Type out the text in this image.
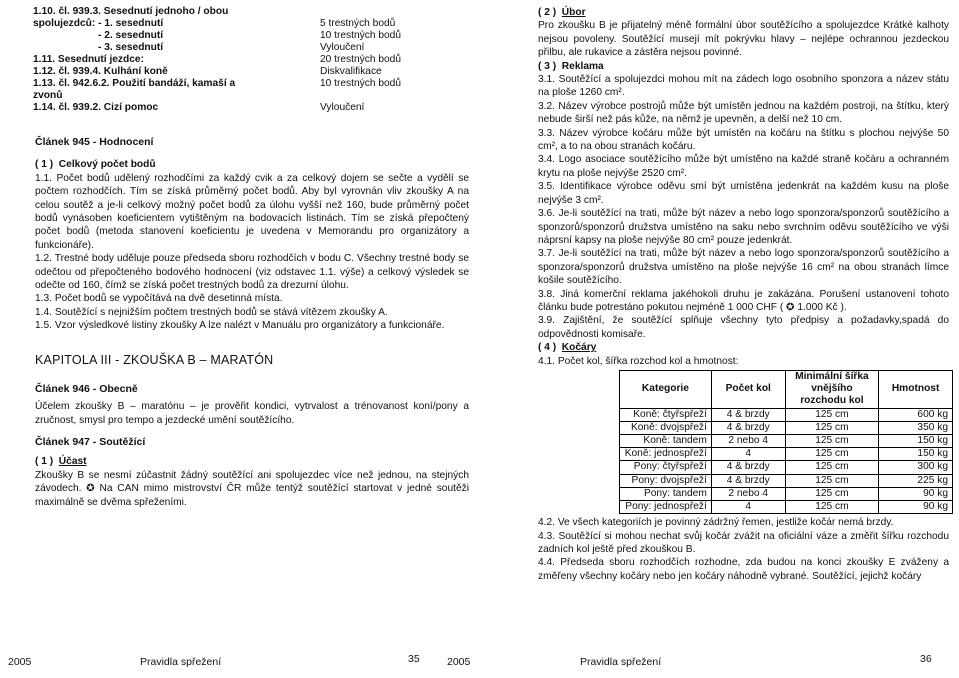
1.10. čl. 939.3. Sesednutí jednoho / obou	
spolujezdců: - 1. sesednutí	5 trestných bodů
- 2. sesednutí	10 trestných bodů
- 3. sesednutí	Vyloučení
1.11. Sesednutí jezdce:	20 trestných bodů
1.12. čl. 939.4. Kulhání koně	Diskvalifikace
1.13. čl. 942.6.2. Použití bandáží, kamaší a	10 trestných bodů
zvonů	
1.14. čl. 939.2. Cizí pomoc	Vyloučení
Článek 945 - Hodnocení
( 1 ) Celkový počet bodů
1.1. Počet bodů udělený rozhodčími za každý cvik a za celkový dojem se sečte a vydělí se počtem rozhodčích. Tím se získá průměrný počet bodů. Aby byl vyrovnán vliv zkoušky A na celou soutěž a je-li celkový možný počet bodů za úlohu vyšší než 160, bude průměrný počet bodů vynásoben koeficientem vytištěným na bodovacích listinách. Tím se získá přepočtený počet bodů (metoda stanovení koeficientu je uvedena v Memorandu pro organizátory a funkcionáře).
1.2. Trestné body uděluje pouze předseda sboru rozhodčích v bodu C. Všechny trestné body se odečtou od přepočteného bodového hodnocení (viz odstavec 1.1. výše) a celkový výsledek se odečte od 160, čímž se získá počet trestných bodů za drezurní úlohu.
1.3. Počet bodů se vypočítává na dvě desetinná místa.
1.4. Soutěžící s nejnižším počtem trestných bodů se stává vítězem zkoušky A.
1.5. Vzor výsledkové listiny zkoušky A lze nalézt v Manuálu pro organizátory a funkcionáře.
KAPITOLA III - ZKOUŠKA B – MARATÓN
Článek 946 - Obecně
Účelem zkoušky B – maratónu – je prověřit kondici, vytrvalost a trénovanost koní/pony a zručnost, smysl pro tempo a jezdecké umění soutěžícího.
Článek 947 - Soutěžící
( 1 ) Účast
Zkoušky B se nesmí zúčastnit žádný soutěžící ani spolujezdec více než jednou, na stejných závodech. ✪ Na CAN mimo mistrovství ČR může tentýž soutěžící startovat v jedné soutěži maximálně se dvěma spřeženími.
2005	Pravidla spřežení	35
( 2 ) Úbor
Pro zkoušku B je přijatelný méně formální úbor soutěžícího a spolujezdce Krátké kalhoty nejsou povoleny. Soutěžící musejí mít pokrývku hlavy – nejlépe ochrannou jezdeckou přilbu, ale rukavice a zástěra nejsou povinné.
( 3 ) Reklama
3.1. Soutěžící a spolujezdci mohou mít na zádech logo osobního sponzora a název státu na ploše 1260 cm².
3.2. Název výrobce postrojů může být umístěn jednou na každém postroji, na štítku, který nebude širší než pás kůže, na němž je upevněn, a delší než 10 cm.
3.3. Název výrobce kočáru může být umístěn na kočáru na štítku s plochou nejvýše 50 cm², a to na obou stranách kočáru.
3.4. Logo asociace soutěžícího může být umístěno na každé straně kočáru a ochranném krytu na ploše nejvýše 2520 cm².
3.5. Identifikace výrobce oděvu smí být umístěna jedenkrát na každém kusu na ploše nejvýše 3 cm².
3.6. Je-li soutěžící na trati, může být název a nebo logo sponzora/sponzorů soutěžícího a sponzorů/sponzorů družstva umístěno na saku nebo svrchním oděvu soutěžícího ve výši náprsní kapsy na ploše nejvýše 80 cm² pouze jedenkrát.
3.7. Je-li soutěžící na trati, může být název a nebo logo sponzora/sponzorů soutěžícího a sponzora/sponzorů družstva umístěno na ploše nejvýše 16 cm² na obou stranách límce košile soutěžícího.
3.8. Jiná komerční reklama jakéhokoli druhu je zakázána. Porušení ustanovení tohoto článku bude potrestáno pokutou nejméně 1 000 CHF ( ✪ 1.000 Kč ).
3.9. Zajištění, že soutěžící splňuje všechny tyto předpisy a požadavky,spadá do odpovědnosti komisaře.
( 4 ) Kočáry
4.1. Počet kol, šířka rozchod kol a hmotnost:
Kategorie	Počet kol	Minimální šířka vnějšího rozchodu kol	Hmotnost
Koně: čtyřspřeží	4 & brzdy	125 cm	600 kg
Koně: dvojspřeží	4 & brzdy	125 cm	350 kg
Koně: tandem	2 nebo 4	125 cm	150 kg
Koně: jednospřeží	4	125 cm	150 kg
Pony: čtyřspřeží	4 & brzdy	125 cm	300 kg
Pony: dvojspřeží	4 & brzdy	125 cm	225 kg
Pony: tandem	2 nebo 4	125 cm	90 kg
Pony: jednospřeží	4	125 cm	90 kg
4.2. Ve všech kategoriích je povinný zádržný řemen, jestliže kočár nemá brzdy.
4.3. Soutěžící si mohou nechat svůj kočár zvážit na oficiální váze a změřit šířku rozchodu zadních kol ještě před zkouškou B.
4.4. Předseda sboru rozhodčích rozhodne, zda budou na konci zkoušky E zváženy a změřeny všechny kočáry nebo jen kočáry náhodně vybrané. Soutěžící, jejichž kočáry
2005	Pravidla spřežení	36
